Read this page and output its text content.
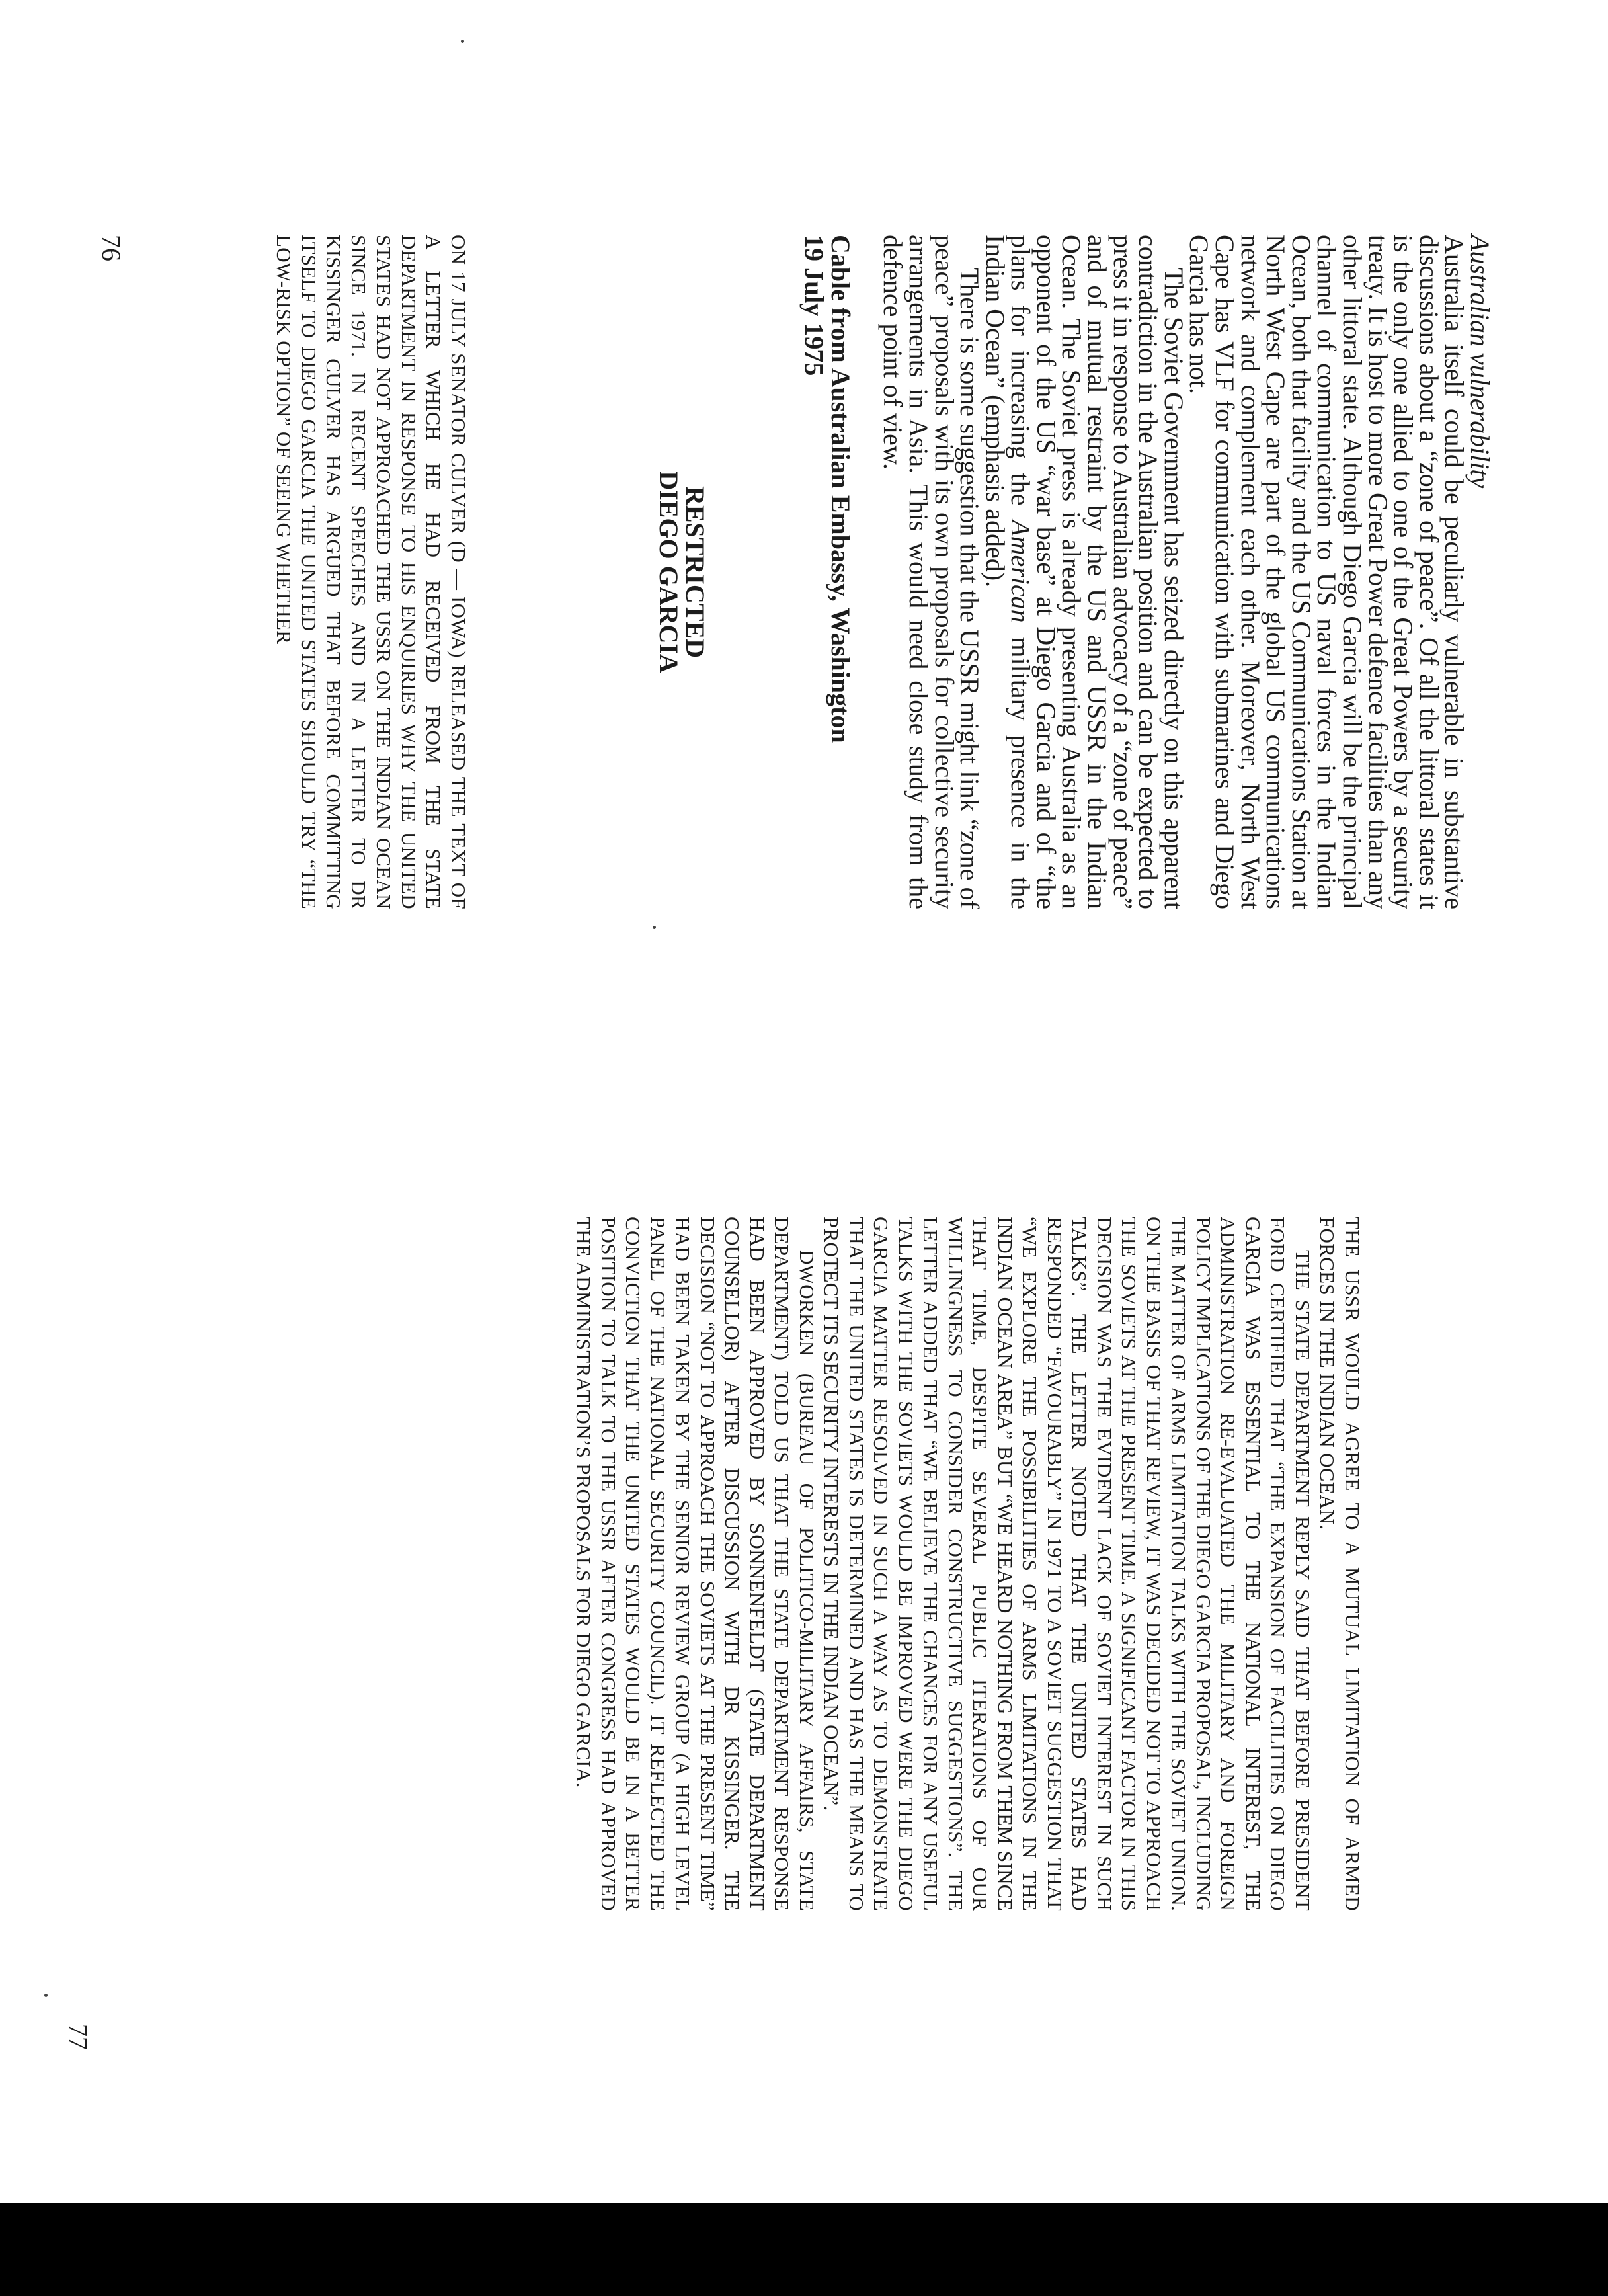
Australian vulnerability

Australia itself could be peculiarly vulnerable in substantive discussions about a “zone of peace”. Of all the littoral states it is the only one allied to one of the Great Powers by a security treaty. It is host to more Great Power defence facilities than any other littoral state. Although Diego Garcia will be the principal channel of communication to US naval forces in the Indian Ocean, both that facility and the US Communications Station at North West Cape are part of the global US communications network and complement each other. Moreover, North West Cape has VLF for communication with submarines and Diego Garcia has not.

The Soviet Government has seized directly on this apparent contradiction in the Australian position and can be expected to press it in response to Australian advocacy of a “zone of peace” and of mutual restraint by the US and USSR in the Indian Ocean. The Soviet press is already presenting Australia as an opponent of the US “war base” at Diego Garcia and of “the plans for increasing the American military presence in the Indian Ocean” (emphasis added).

There is some suggestion that the USSR might link “zone of peace” proposals with its own proposals for collective security arrangements in Asia. This would need close study from the defence point of view.

Cable from Australian Embassy, Washington
19 July 1975

RESTRICTED
DIEGO GARCIA

ON 17 JULY SENATOR CULVER (D — IOWA) RELEASED THE TEXT OF A LETTER WHICH HE HAD RECEIVED FROM THE STATE DEPARTMENT IN RESPONSE TO HIS ENQUIRIES WHY THE UNITED STATES HAD NOT APPROACHED THE USSR ON THE INDIAN OCEAN SINCE 1971. IN RECENT SPEECHES AND IN A LETTER TO DR KISSINGER CULVER HAS ARGUED THAT BEFORE COMMITTING ITSELF TO DIEGO GARCIA THE UNITED STATES SHOULD TRY “THE LOW-RISK OPTION” OF SEEING WHETHER

76

THE USSR WOULD AGREE TO A MUTUAL LIMITATION OF ARMED FORCES IN THE INDIAN OCEAN.

THE STATE DEPARTMENT REPLY SAID THAT BEFORE PRESIDENT FORD CERTIFIED THAT “THE EXPANSION OF FACILITIES ON DIEGO GARCIA WAS ESSENTIAL TO THE NATIONAL INTEREST, THE ADMINISTRATION RE-EVALUATED THE MILITARY AND FOREIGN POLICY IMPLICATIONS OF THE DIEGO GARCIA PROPOSAL, INCLUDING THE MATTER OF ARMS LIMITATION TALKS WITH THE SOVIET UNION. ON THE BASIS OF THAT REVIEW, IT WAS DECIDED NOT TO APPROACH THE SOVIETS AT THE PRESENT TIME. A SIGNIFICANT FACTOR IN THIS DECISION WAS THE EVIDENT LACK OF SOVIET INTEREST IN SUCH TALKS”. THE LETTER NOTED THAT THE UNITED STATES HAD RESPONDED “FAVOURABLY” IN 1971 TO A SOVIET SUGGESTION THAT “WE EXPLORE THE POSSIBILITIES OF ARMS LIMITATIONS IN THE INDIAN OCEAN AREA” BUT “WE HEARD NOTHING FROM THEM SINCE THAT TIME, DESPITE SEVERAL PUBLIC ITERATIONS OF OUR WILLINGNESS TO CONSIDER CONSTRUCTIVE SUGGESTIONS”. THE LETTER ADDED THAT “WE BELIEVE THE CHANCES FOR ANY USEFUL TALKS WITH THE SOVIETS WOULD BE IMPROVED WERE THE DIEGO GARCIA MATTER RESOLVED IN SUCH A WAY AS TO DEMONSTRATE THAT THE UNITED STATES IS DETERMINED AND HAS THE MEANS TO PROTECT ITS SECURITY INTERESTS IN THE INDIAN OCEAN”.

DWORKEN (BUREAU OF POLITICO-MILITARY AFFAIRS, STATE DEPARTMENT) TOLD US THAT THE STATE DEPARTMENT RESPONSE HAD BEEN APPROVED BY SONNENFELDT (STATE DEPARTMENT COUNSELLOR) AFTER DISCUSSION WITH DR KISSINGER. THE DECISION “NOT TO APPROACH THE SOVIETS AT THE PRESENT TIME” HAD BEEN TAKEN BY THE SENIOR REVIEW GROUP (A HIGH LEVEL PANEL OF THE NATIONAL SECURITY COUNCIL). IT REFLECTED THE CONVICTION THAT THE UNITED STATES WOULD BE IN A BETTER POSITION TO TALK TO THE USSR AFTER CONGRESS HAD APPROVED THE ADMINISTRATION’S PROPOSALS FOR DIEGO GARCIA.

77
